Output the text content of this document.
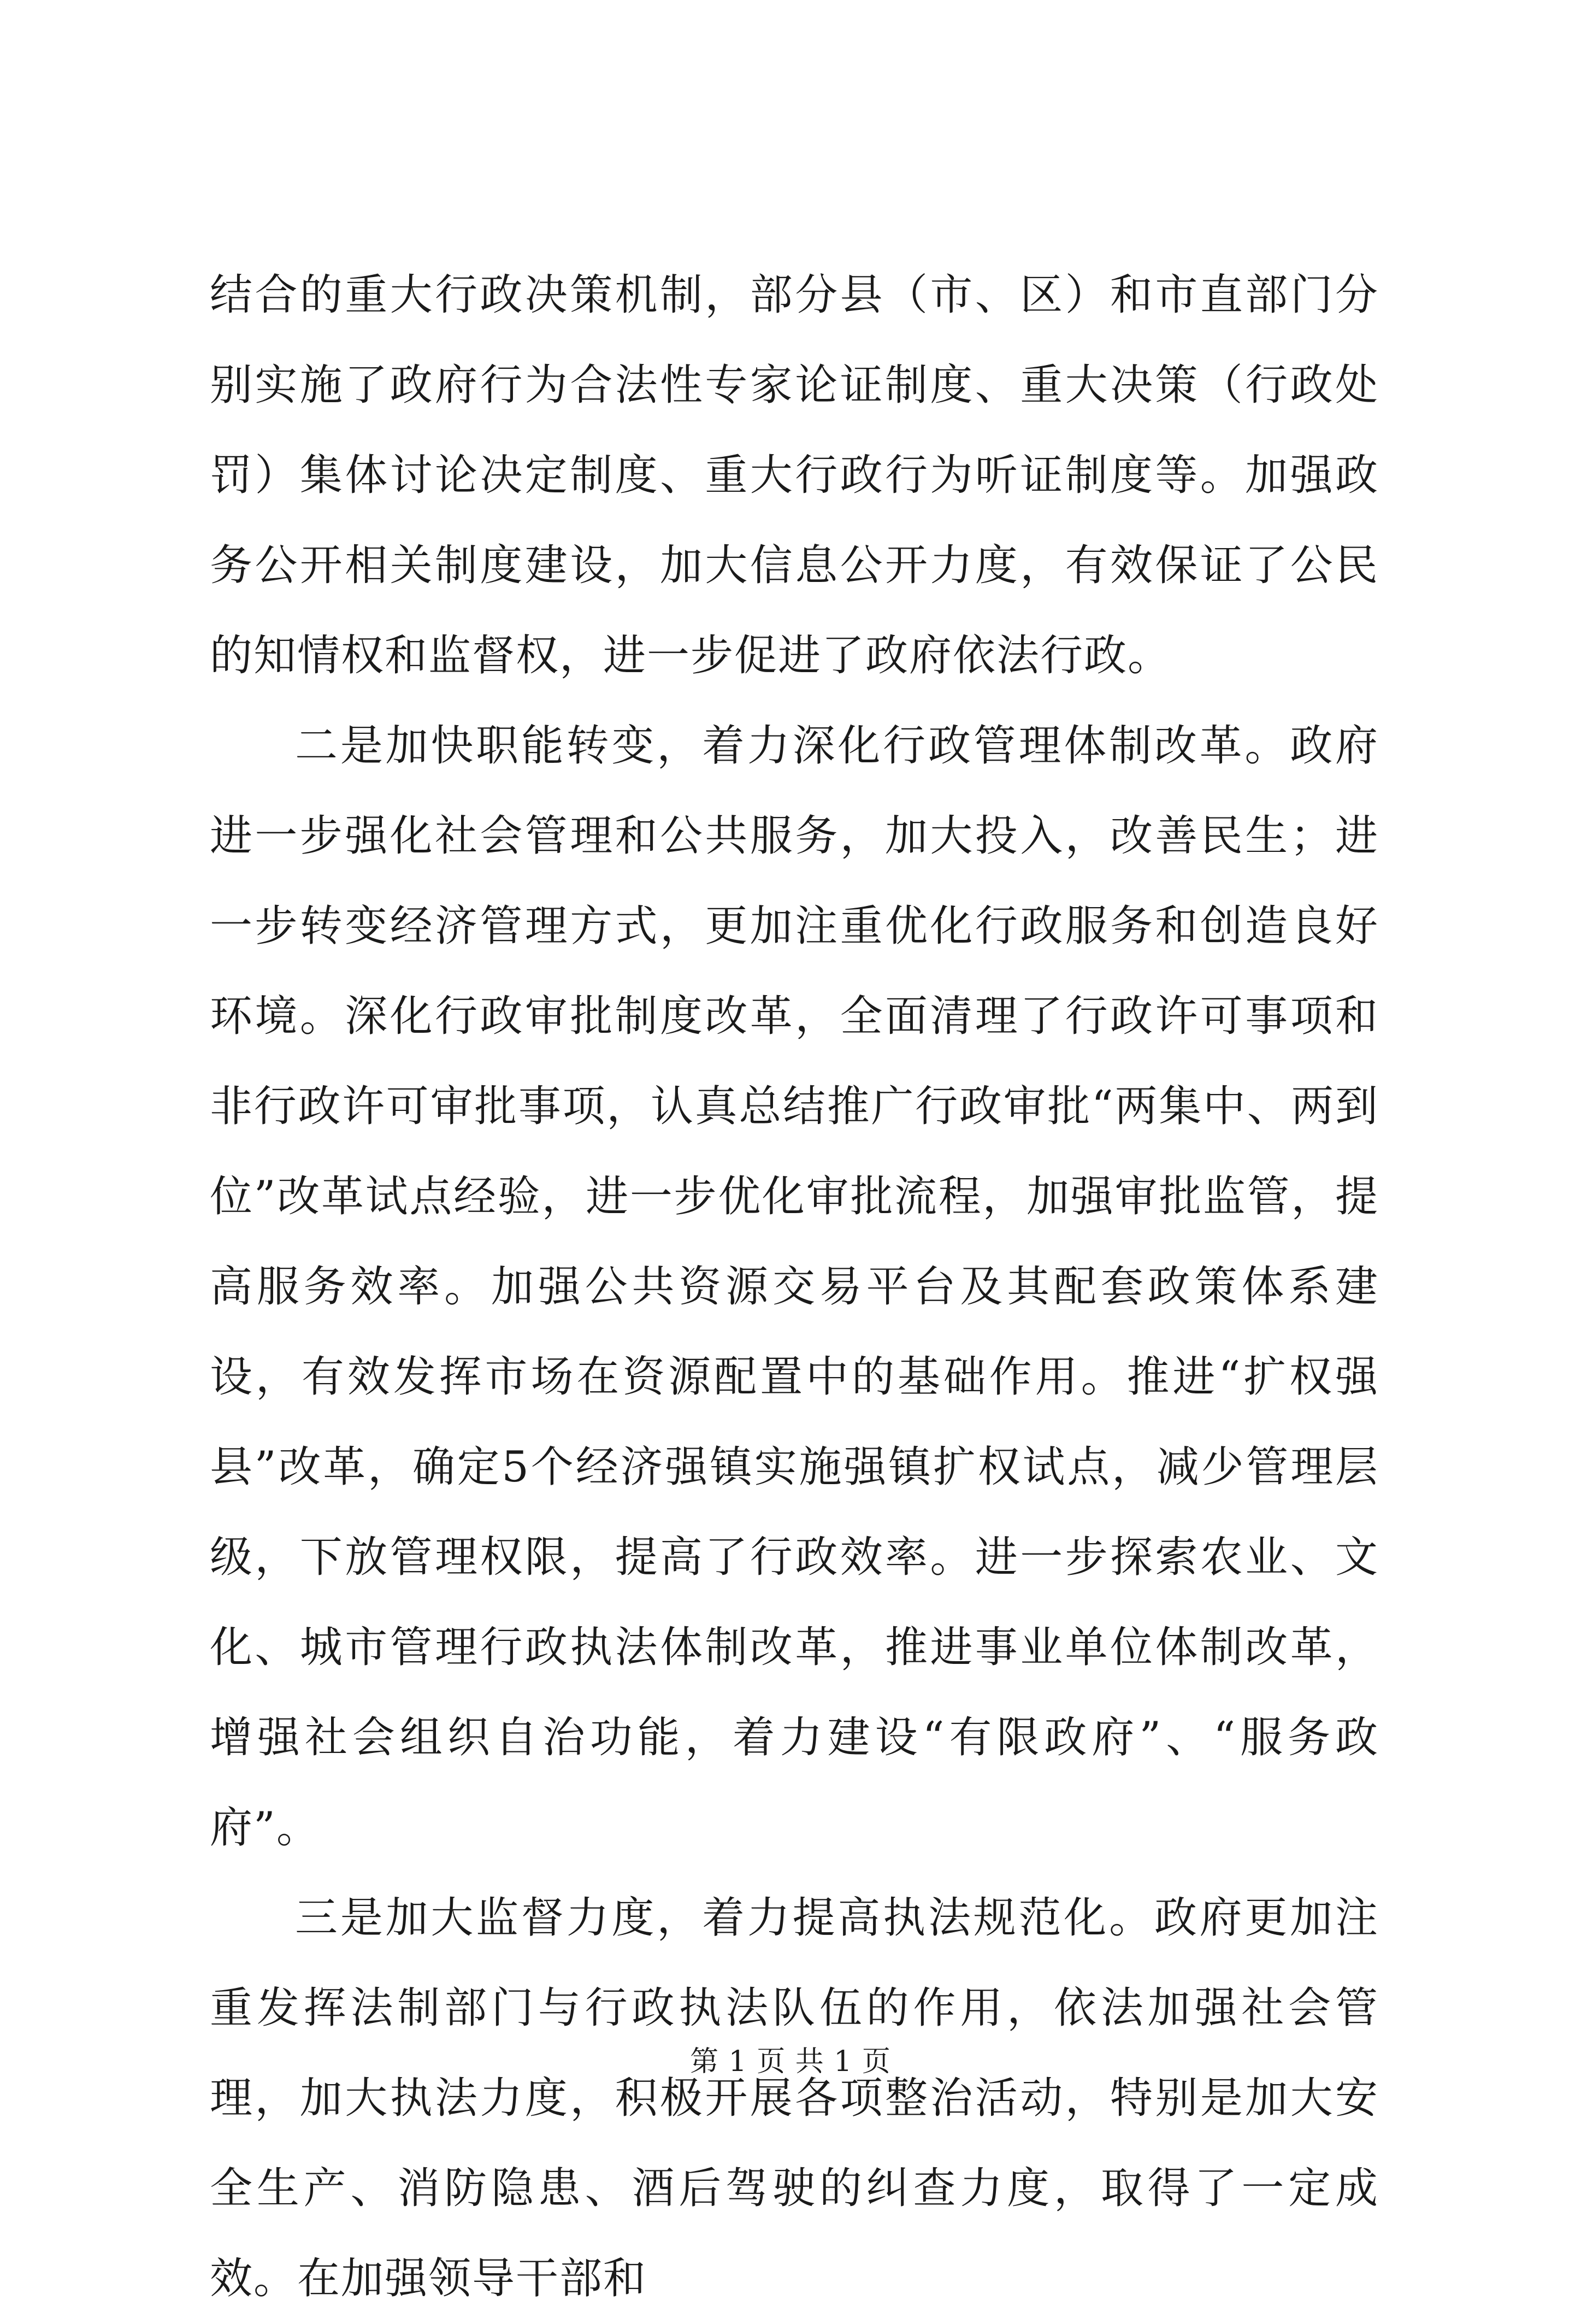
结合的重大行政决策机制，部分县（市、区）和市直部门分别实施了政府行为合法性专家论证制度、重大决策（行政处罚）集体讨论决定制度、重大行政行为听证制度等。加强政务公开相关制度建设，加大信息公开力度，有效保证了公民的知情权和监督权，进一步促进了政府依法行政。

二是加快职能转变，着力深化行政管理体制改革。政府进一步强化社会管理和公共服务，加大投入，改善民生；进一步转变经济管理方式，更加注重优化行政服务和创造良好环境。深化行政审批制度改革，全面清理了行政许可事项和非行政许可审批事项，认真总结推广行政审批“两集中、两到位”改革试点经验，进一步优化审批流程，加强审批监管，提高服务效率。加强公共资源交易平台及其配套政策体系建设，有效发挥市场在资源配置中的基础作用。推进“扩权强县”改革，确定5个经济强镇实施强镇扩权试点，减少管理层级，下放管理权限，提高了行政效率。进一步探索农业、文化、城市管理行政执法体制改革，推进事业单位体制改革，增强社会组织自治功能，着力建设“有限政府”、“服务政府”。

三是加大监督力度，着力提高执法规范化。政府更加注重发挥法制部门与行政执法队伍的作用，依法加强社会管理，加大执法力度，积极开展各项整治活动，特别是加大安全生产、消防隐患、酒后驾驶的纠查力度，取得了一定成效。在加强领导干部和

第 1 页 共 1 页
